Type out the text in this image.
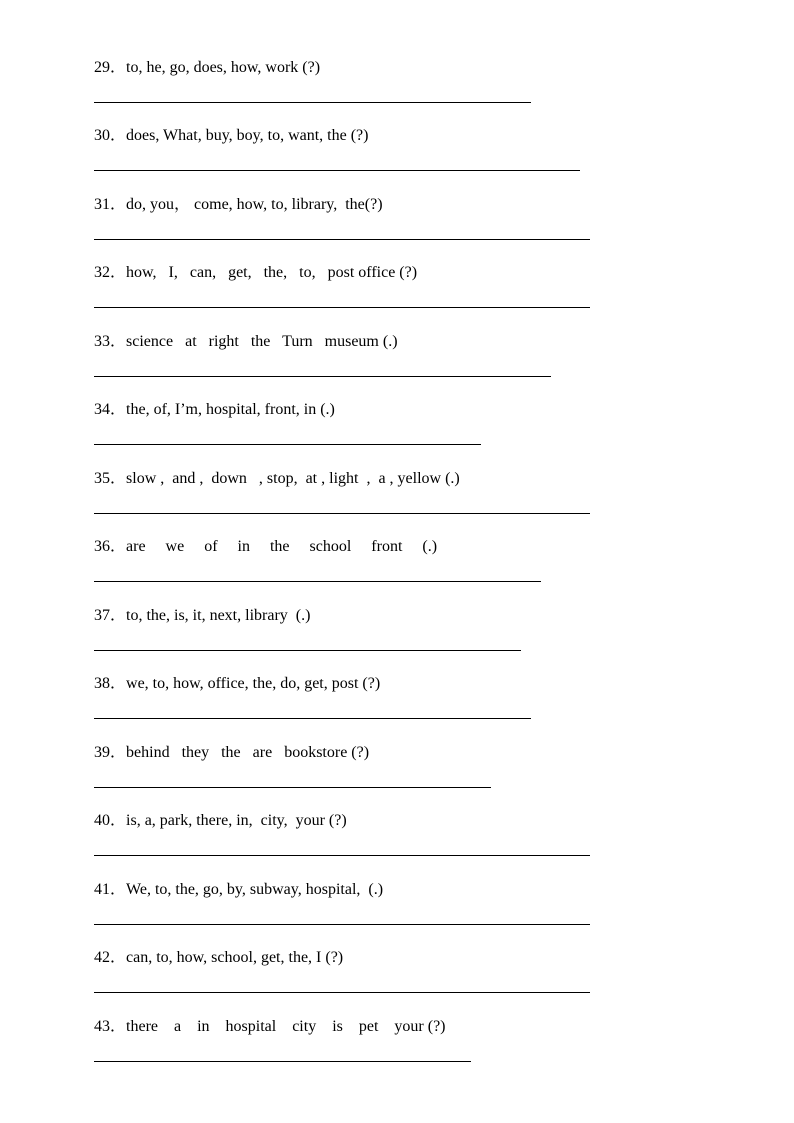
29．to, he, go, does, how, work (?)
30．does, What, buy, boy, to, want, the (?)
31．do, you， come, how, to, library,  the(?)
32．how,   I,   can,   get,   the,   to,   post office (?)
33．science   at   right   the   Turn   museum (.)
34．the, of, I’m, hospital, front, in (.)
35．slow ,  and ,  down   , stop,  at , light  ,  a , yellow (.)
36．are     we     of     in     the     school     front     (.)
37．to, the, is, it, next, library  (.)
38．we, to, how, office, the, do, get, post (?)
39．behind   they   the   are   bookstore (?)
40．is, a, park, there, in,  city,  your (?)
41．We, to, the, go, by, subway, hospital,  (.)
42．can, to, how, school, get, the, I (?)
43．there    a    in    hospital    city    is    pet    your (?)
